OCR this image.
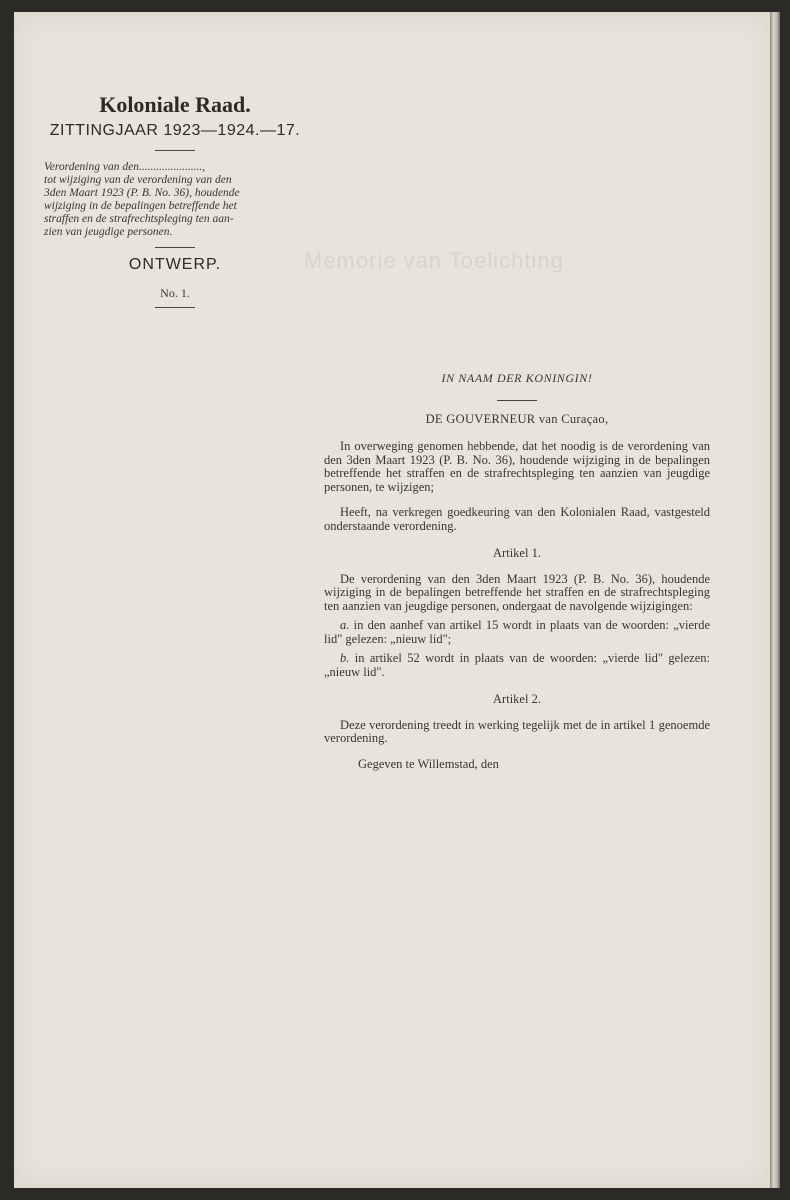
Memorie van Toelichting
Koloniale Raad.
ZITTINGJAAR 1923—1924.—17.
Verordening van den......................,
tot wijziging van de verordening van den
3den Maart 1923 (P. B. No. 36), houdende
wijziging in de bepalingen betreffende het
straffen en de strafrechtspleging ten aan-
zien van jeugdige personen.
ONTWERP.
No. 1.
IN NAAM DER KONINGIN!
DE GOUVERNEUR van Curaçao,

In overweging genomen hebbende, dat het noodig is de verordening van den 3den Maart 1923 (P. B. No. 36), houdende wijziging in de bepalingen betreffende het straffen en de strafrechtspleging ten aanzien van jeugdige personen, te wijzigen;

Heeft, na verkregen goedkeuring van den Kolonialen Raad, vastgesteld onderstaande verordening.

Artikel 1.

De verordening van den 3den Maart 1923 (P. B. No. 36), houdende wijziging in de bepalingen betreffende het straffen en de strafrechtspleging ten aanzien van jeugdige personen, ondergaat de navolgende wijzigingen:

a. in den aanhef van artikel 15 wordt in plaats van de woorden: „vierde lid" gelezen: „nieuw lid";
b. in artikel 52 wordt in plaats van de woorden: „vierde lid" gelezen: „nieuw lid".
Artikel 2.

Deze verordening treedt in werking tegelijk met de in artikel 1 genoemde verordening.

Gegeven te Willemstad, den
